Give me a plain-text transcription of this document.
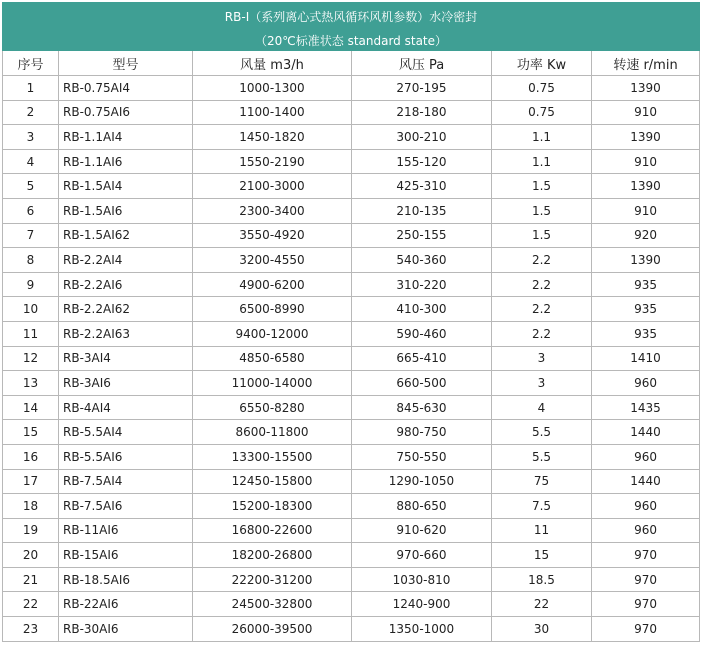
RB-I（系列离心式热风循环风机参数）水冷密封					
（20℃标准状态 standard state）					
序号	型号	风量 m3/h	风压 Pa	功率 Kw	转速 r/min
1	RB-0.75AI4	1000-1300	270-195	0.75	1390
2	RB-0.75AI6	1100-1400	218-180	0.75	910
3	RB-1.1AI4	1450-1820	300-210	1.1	1390
4	RB-1.1AI6	1550-2190	155-120	1.1	910
5	RB-1.5AI4	2100-3000	425-310	1.5	1390
6	RB-1.5AI6	2300-3400	210-135	1.5	910
7	RB-1.5AI62	3550-4920	250-155	1.5	920
8	RB-2.2AI4	3200-4550	540-360	2.2	1390
9	RB-2.2AI6	4900-6200	310-220	2.2	935
10	RB-2.2AI62	6500-8990	410-300	2.2	935
11	RB-2.2AI63	9400-12000	590-460	2.2	935
12	RB-3AI4	4850-6580	665-410	3	1410
13	RB-3AI6	11000-14000	660-500	3	960
14	RB-4AI4	6550-8280	845-630	4	1435
15	RB-5.5AI4	8600-11800	980-750	5.5	1440
16	RB-5.5AI6	13300-15500	750-550	5.5	960
17	RB-7.5AI4	12450-15800	1290-1050	75	1440
18	RB-7.5AI6	15200-18300	880-650	7.5	960
19	RB-11AI6	16800-22600	910-620	11	960
20	RB-15AI6	18200-26800	970-660	15	970
21	RB-18.5AI6	22200-31200	1030-810	18.5	970
22	RB-22AI6	24500-32800	1240-900	22	970
23	RB-30AI6	26000-39500	1350-1000	30	970
